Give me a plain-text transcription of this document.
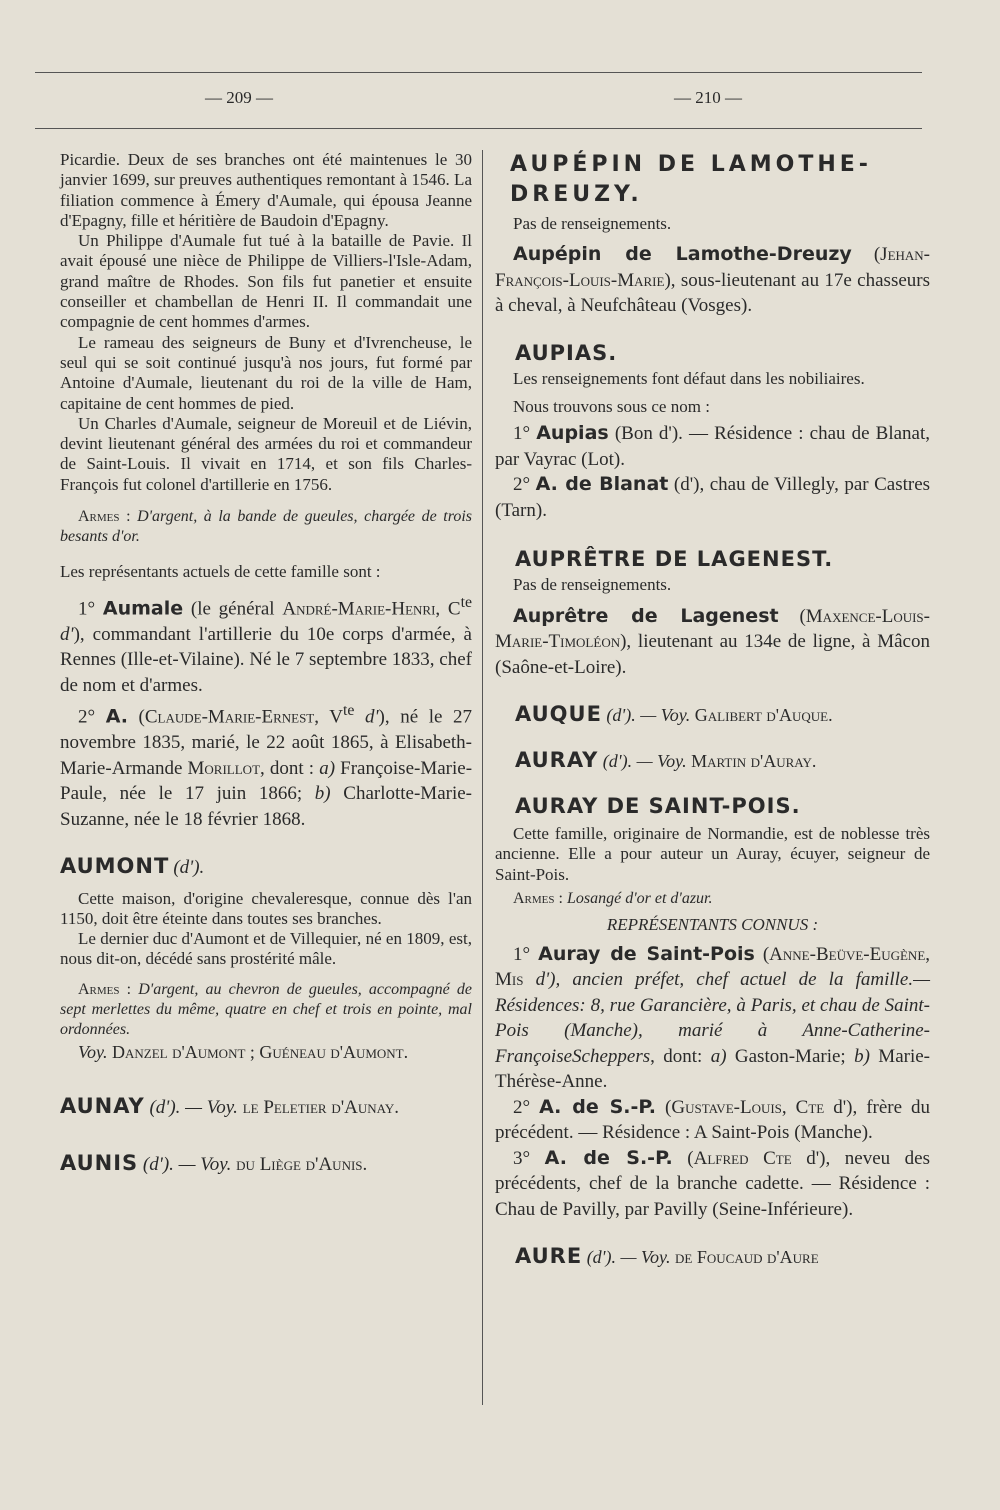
— 209 —	— 210 —

Picardie. Deux de ses branches ont été maintenues le 30 janvier 1699, sur preuves authentiques remontant à 1546. La filiation commence à Émery d'Aumale, qui épousa Jeanne d'Epagny, fille et héritière de Baudoin d'Epagny.

Un Philippe d'Aumale fut tué à la bataille de Pavie. Il avait épousé une nièce de Philippe de Villiers-l'Isle-Adam, grand maître de Rhodes. Son fils fut panetier et ensuite conseiller et chambellan de Henri II. Il commandait une compagnie de cent hommes d'armes.

Le rameau des seigneurs de Buny et d'Ivrencheuse, le seul qui se soit continué jusqu'à nos jours, fut formé par Antoine d'Aumale, lieutenant du roi de la ville de Ham, capitaine de cent hommes de pied.

Un Charles d'Aumale, seigneur de Moreuil et de Liévin, devint lieutenant général des armées du roi et commandeur de Saint-Louis. Il vivait en 1714, et son fils Charles-François fut colonel d'artillerie en 1756.

Armes : D'argent, à la bande de gueules, chargée de trois besants d'or.

Les représentants actuels de cette famille sont :

1° Aumale (le général André-Marie-Henri, $C^{te}$ d'), commandant l'artillerie du 10e corps d'armée, à Rennes (Ille-et-Vilaine). Né le 7 septembre 1833, chef de nom et d'armes.

2° A. (Claude-Marie-Ernest, $V^{te}$ d'), né le 27 novembre 1835, marié, le 22 août 1865, à Elisabeth-Marie-Armande Morillot, dont : a) Françoise-Marie-Paule, née le 17 juin 1866; b) Charlotte-Marie-Suzanne, née le 18 février 1868.

AUMONT (d').

Cette maison, d'origine chevaleresque, connue dès l'an 1150, doit être éteinte dans toutes ses branches.

Le dernier duc d'Aumont et de Villequier, né en 1809, est, nous dit-on, décédé sans prostérité mâle.

Armes : D'argent, au chevron de gueules, accompagné de sept merlettes du même, quatre en chef et trois en pointe, mal ordonnées.

Voy. Danzel d'Aumont ; Guéneau d'Aumont.

AUNAY (d'). — Voy. le Peletier d'Aunay.
AUNIS (d'). — Voy. du Liège d'Aunis.

AUPÉPIN DE LAMOTHE-DREUZY.

Pas de renseignements.

Aupépin de Lamothe-Dreuzy (Jehan-François-Louis-Marie), sous-lieutenant au 17e chasseurs à cheval, à Neufchâteau (Vosges).

AUPIAS.

Les renseignements font défaut dans les nobiliaires.

Nous trouvons sous ce nom :

1° Aupias (Bon d'). — Résidence : chau de Blanat, par Vayrac (Lot).

2° A. de Blanat (d'), chau de Villegly, par Castres (Tarn).

AUPRÊTRE DE LAGENEST.

Pas de renseignements.

Auprêtre de Lagenest (Maxence-Louis-Marie-Timoléon), lieutenant au 134e de ligne, à Mâcon (Saône-et-Loire).

AUQUE (d'). — Voy. Galibert d'Auque.
AURAY (d'). — Voy. Martin d'Auray.

AURAY DE SAINT-POIS.

Cette famille, originaire de Normandie, est de noblesse très ancienne. Elle a pour auteur un Auray, écuyer, seigneur de Saint-Pois.

Armes : Losangé d'or et d'azur.

REPRÉSENTANTS CONNUS :

1° Auray de Saint-Pois (Anne-Beüve-Eugène, Mis d'), ancien préfet, chef actuel de la famille.—Résidences: 8, rue Garancière, à Paris, et chau de Saint-Pois (Manche), marié à Anne-Catherine-FrançoiseScheppers, dont: a) Gaston-Marie; b) Marie-Thérèse-Anne.

2° A. de S.-P. (Gustave-Louis, Cte d'), frère du précédent. — Résidence : A Saint-Pois (Manche).

3° A. de S.-P. (Alfred Cte d'), neveu des précédents, chef de la branche cadette. — Résidence : Chau de Pavilly, par Pavilly (Seine-Inférieure).

AURE (d'). — Voy. de Foucaud d'Aure
